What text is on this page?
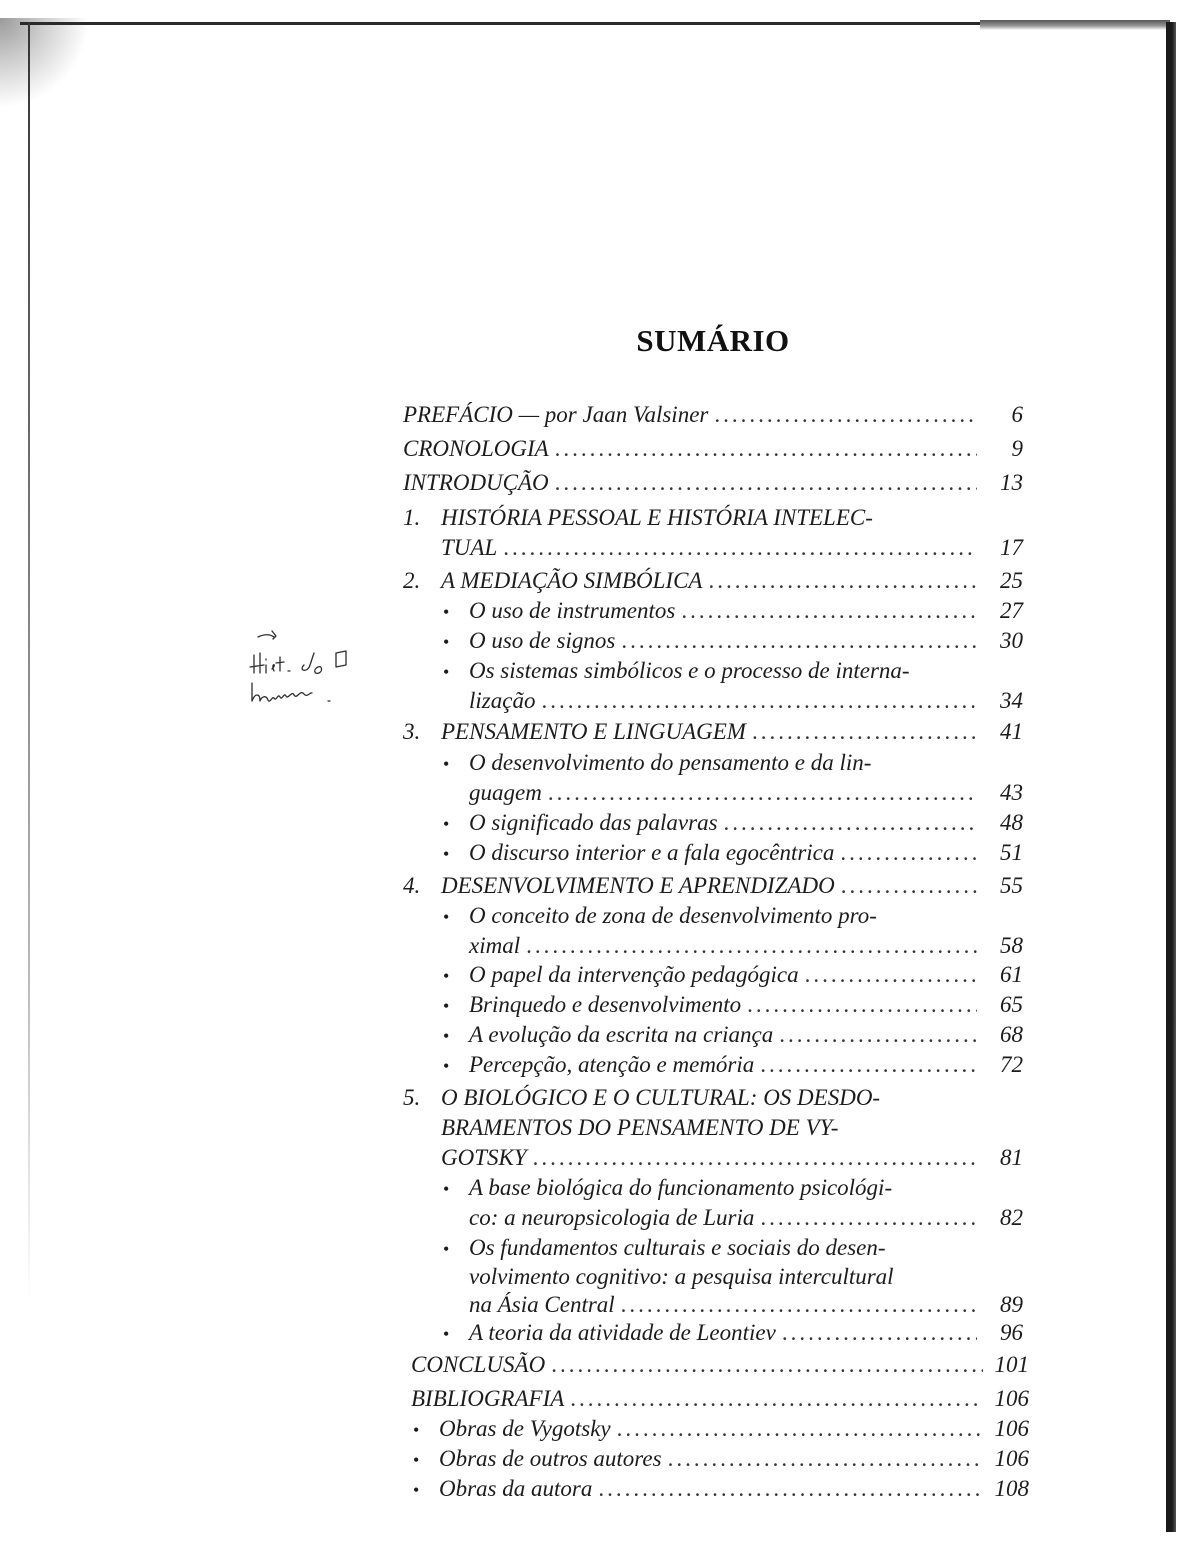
SUMÁRIO
PREFÁCIO — por Jaan Valsiner .....	6
CRONOLOGIA .....	9
INTRODUÇÃO .....	13
1. HISTÓRIA PESSOAL E HISTÓRIA INTELEC-
TUAL .....	17
2. A MEDIAÇÃO SIMBÓLICA .....	25
• O uso de instrumentos .....	27
• O uso de signos .....	30
• Os sistemas simbólicos e o processo de interna-
lização .....	34
3. PENSAMENTO E LINGUAGEM .....	41
• O desenvolvimento do pensamento e da lin-
guagem .....	43
• O significado das palavras .....	48
• O discurso interior e a fala egocêntrica .....	51
4. DESENVOLVIMENTO E APRENDIZADO .....	55
• O conceito de zona de desenvolvimento pro-
ximal .....	58
• O papel da intervenção pedagógica .....	61
• Brinquedo e desenvolvimento .....	65
• A evolução da escrita na criança .....	68
• Percepção, atenção e memória .....	72
5. O BIOLÓGICO E O CULTURAL: OS DESDO-
BRAMENTOS DO PENSAMENTO DE VY-
GOTSKY .....	81
• A base biológica do funcionamento psicológi-
co: a neuropsicologia de Luria .....	82
• Os fundamentos culturais e sociais do desen-
volvimento cognitivo: a pesquisa intercultural
na Ásia Central .....	89
• A teoria da atividade de Leontiev .....	96
CONCLUSÃO .....	101
BIBLIOGRAFIA .....	106
• Obras de Vygotsky .....	106
• Obras de outros autores .....	106
• Obras da autora .....	108
